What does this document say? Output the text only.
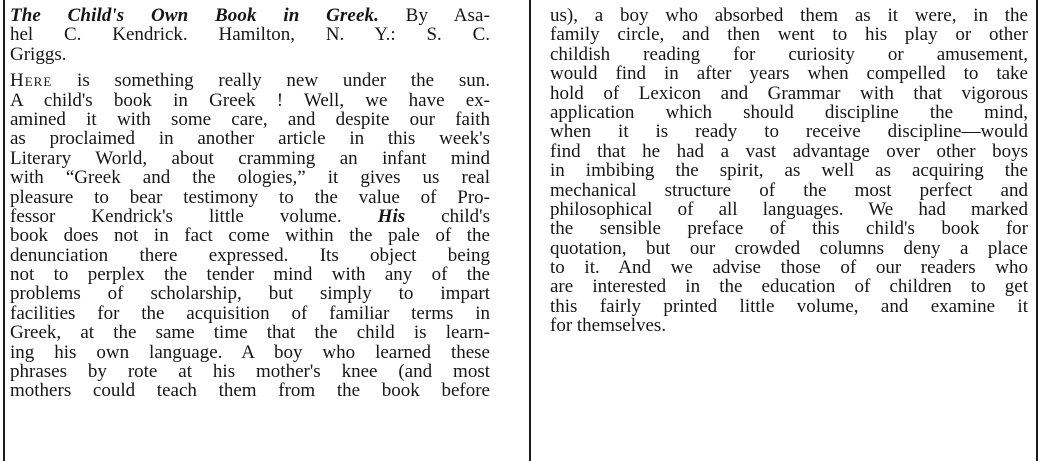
The Child's Own Book in Greek. By Asa-
hel C. Kendrick. Hamilton, N. Y.: S. C.
Griggs.
Here is something really new under the sun.
A child's book in Greek ! Well, we have ex-
amined it with some care, and despite our faith
as proclaimed in another article in this week's
Literary World, about cramming an infant mind
with “Greek and the ologies,” it gives us real
pleasure to bear testimony to the value of Pro-
fessor Kendrick's little volume. His child's
book does not in fact come within the pale of the
denunciation there expressed. Its object being
not to perplex the tender mind with any of the
problems of scholarship, but simply to impart
facilities for the acquisition of familiar terms in
Greek, at the same time that the child is learn-
ing his own language. A boy who learned these
phrases by rote at his mother's knee (and most
mothers could teach them from the book before
us), a boy who absorbed them as it were, in the
family circle, and then went to his play or other
childish reading for curiosity or amusement,
would find in after years when compelled to take
hold of Lexicon and Grammar with that vigorous
application which should discipline the mind,
when it is ready to receive discipline—would
find that he had a vast advantage over other boys
in imbibing the spirit, as well as acquiring the
mechanical structure of the most perfect and
philosophical of all languages. We had marked
the sensible preface of this child's book for
quotation, but our crowded columns deny a place
to it. And we advise those of our readers who
are interested in the education of children to get
this fairly printed little volume, and examine it
for themselves.
